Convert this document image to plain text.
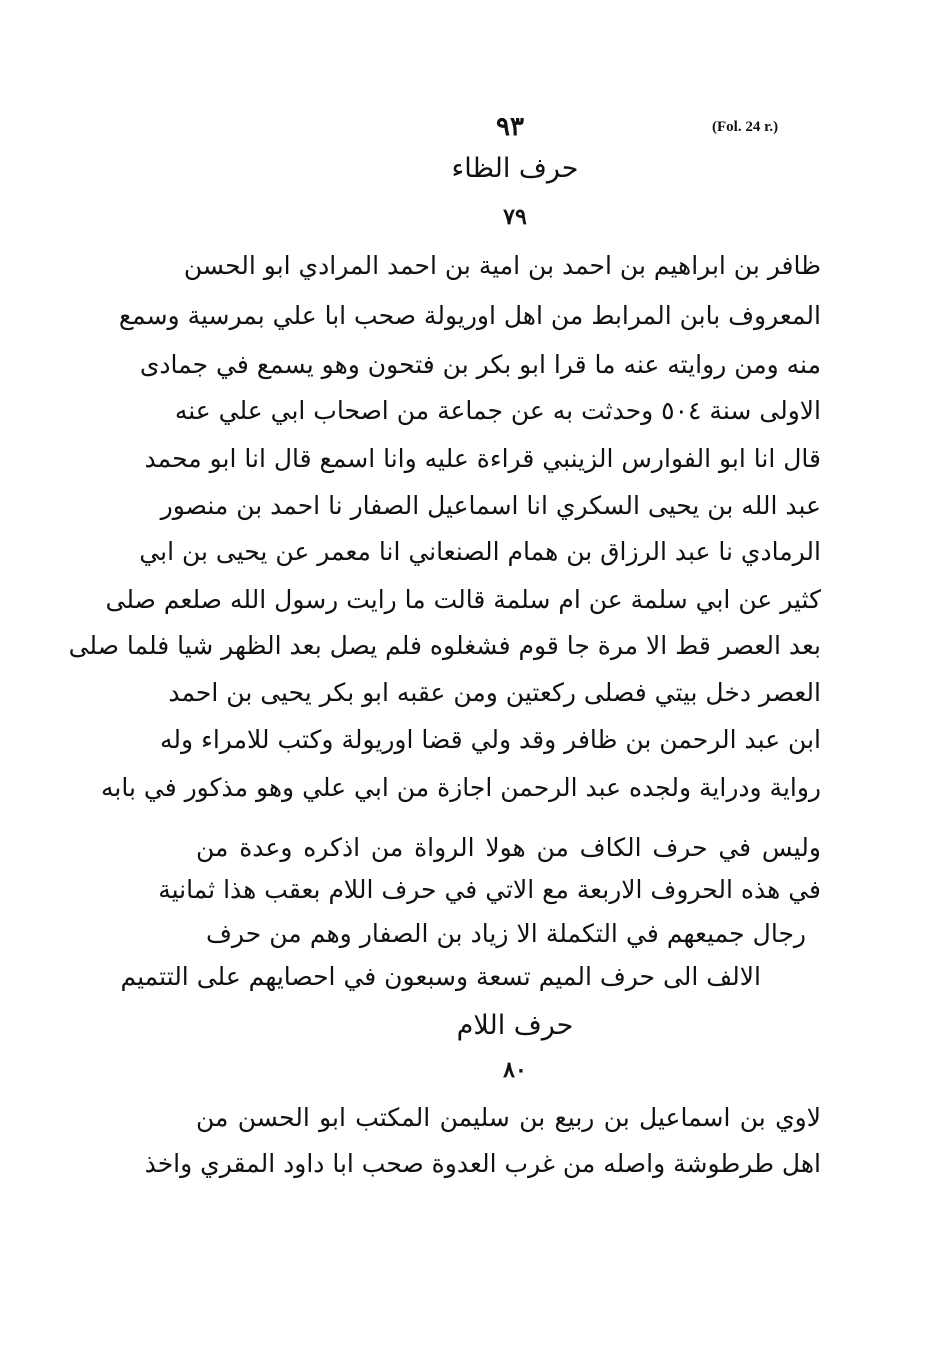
٩٣	(Fol. 24 r.)
حرف الظاء
٧٩
ظافر بن ابراهيم بن احمد بن امية بن احمد المرادي ابو الحسن
المعروف بابن المرابط من اهل اوريولة صحب ابا علي بمرسية وسمع
منه ومن روايته عنه ما قرا ابو بكر بن فتحون وهو يسمع في جمادى
الاولى سنة ٥٠٤ وحدثت به عن جماعة من اصحاب ابي علي عنه
قال انا ابو الفوارس الزينبي قراءة عليه وانا اسمع قال انا ابو محمد
عبد الله بن يحيى السكري انا اسماعيل الصفار نا احمد بن منصور
الرمادي نا عبد الرزاق بن همام الصنعاني انا معمر عن يحيى بن ابي
كثير عن ابي سلمة عن ام سلمة قالت ما رايت رسول الله صلعم صلى
بعد العصر قط الا مرة جا قوم فشغلوه فلم يصل بعد الظهر شيا فلما صلى
العصر دخل بيتي فصلى ركعتين ومن عقبه ابو بكر يحيى بن احمد
ابن عبد الرحمن بن ظافر وقد ولي قضا اوريولة وكتب للامراء وله
رواية ودراية ولجده عبد الرحمن اجازة من ابي علي وهو مذكور في بابه
وليس في حرف الكاف من هولا الرواة من اذكره وعدة من
في هذه الحروف الاربعة مع الاتي في حرف اللام بعقب هذا ثمانية
رجال جميعهم في التكملة الا زياد بن الصفار وهم من حرف
الالف الى حرف الميم تسعة وسبعون في احصايهم على التتميم
حرف اللام
٨٠
لاوي بن اسماعيل بن ربيع بن سليمن المكتب ابو الحسن من
اهل طرطوشة واصله من غرب العدوة صحب ابا داود المقري واخذ
